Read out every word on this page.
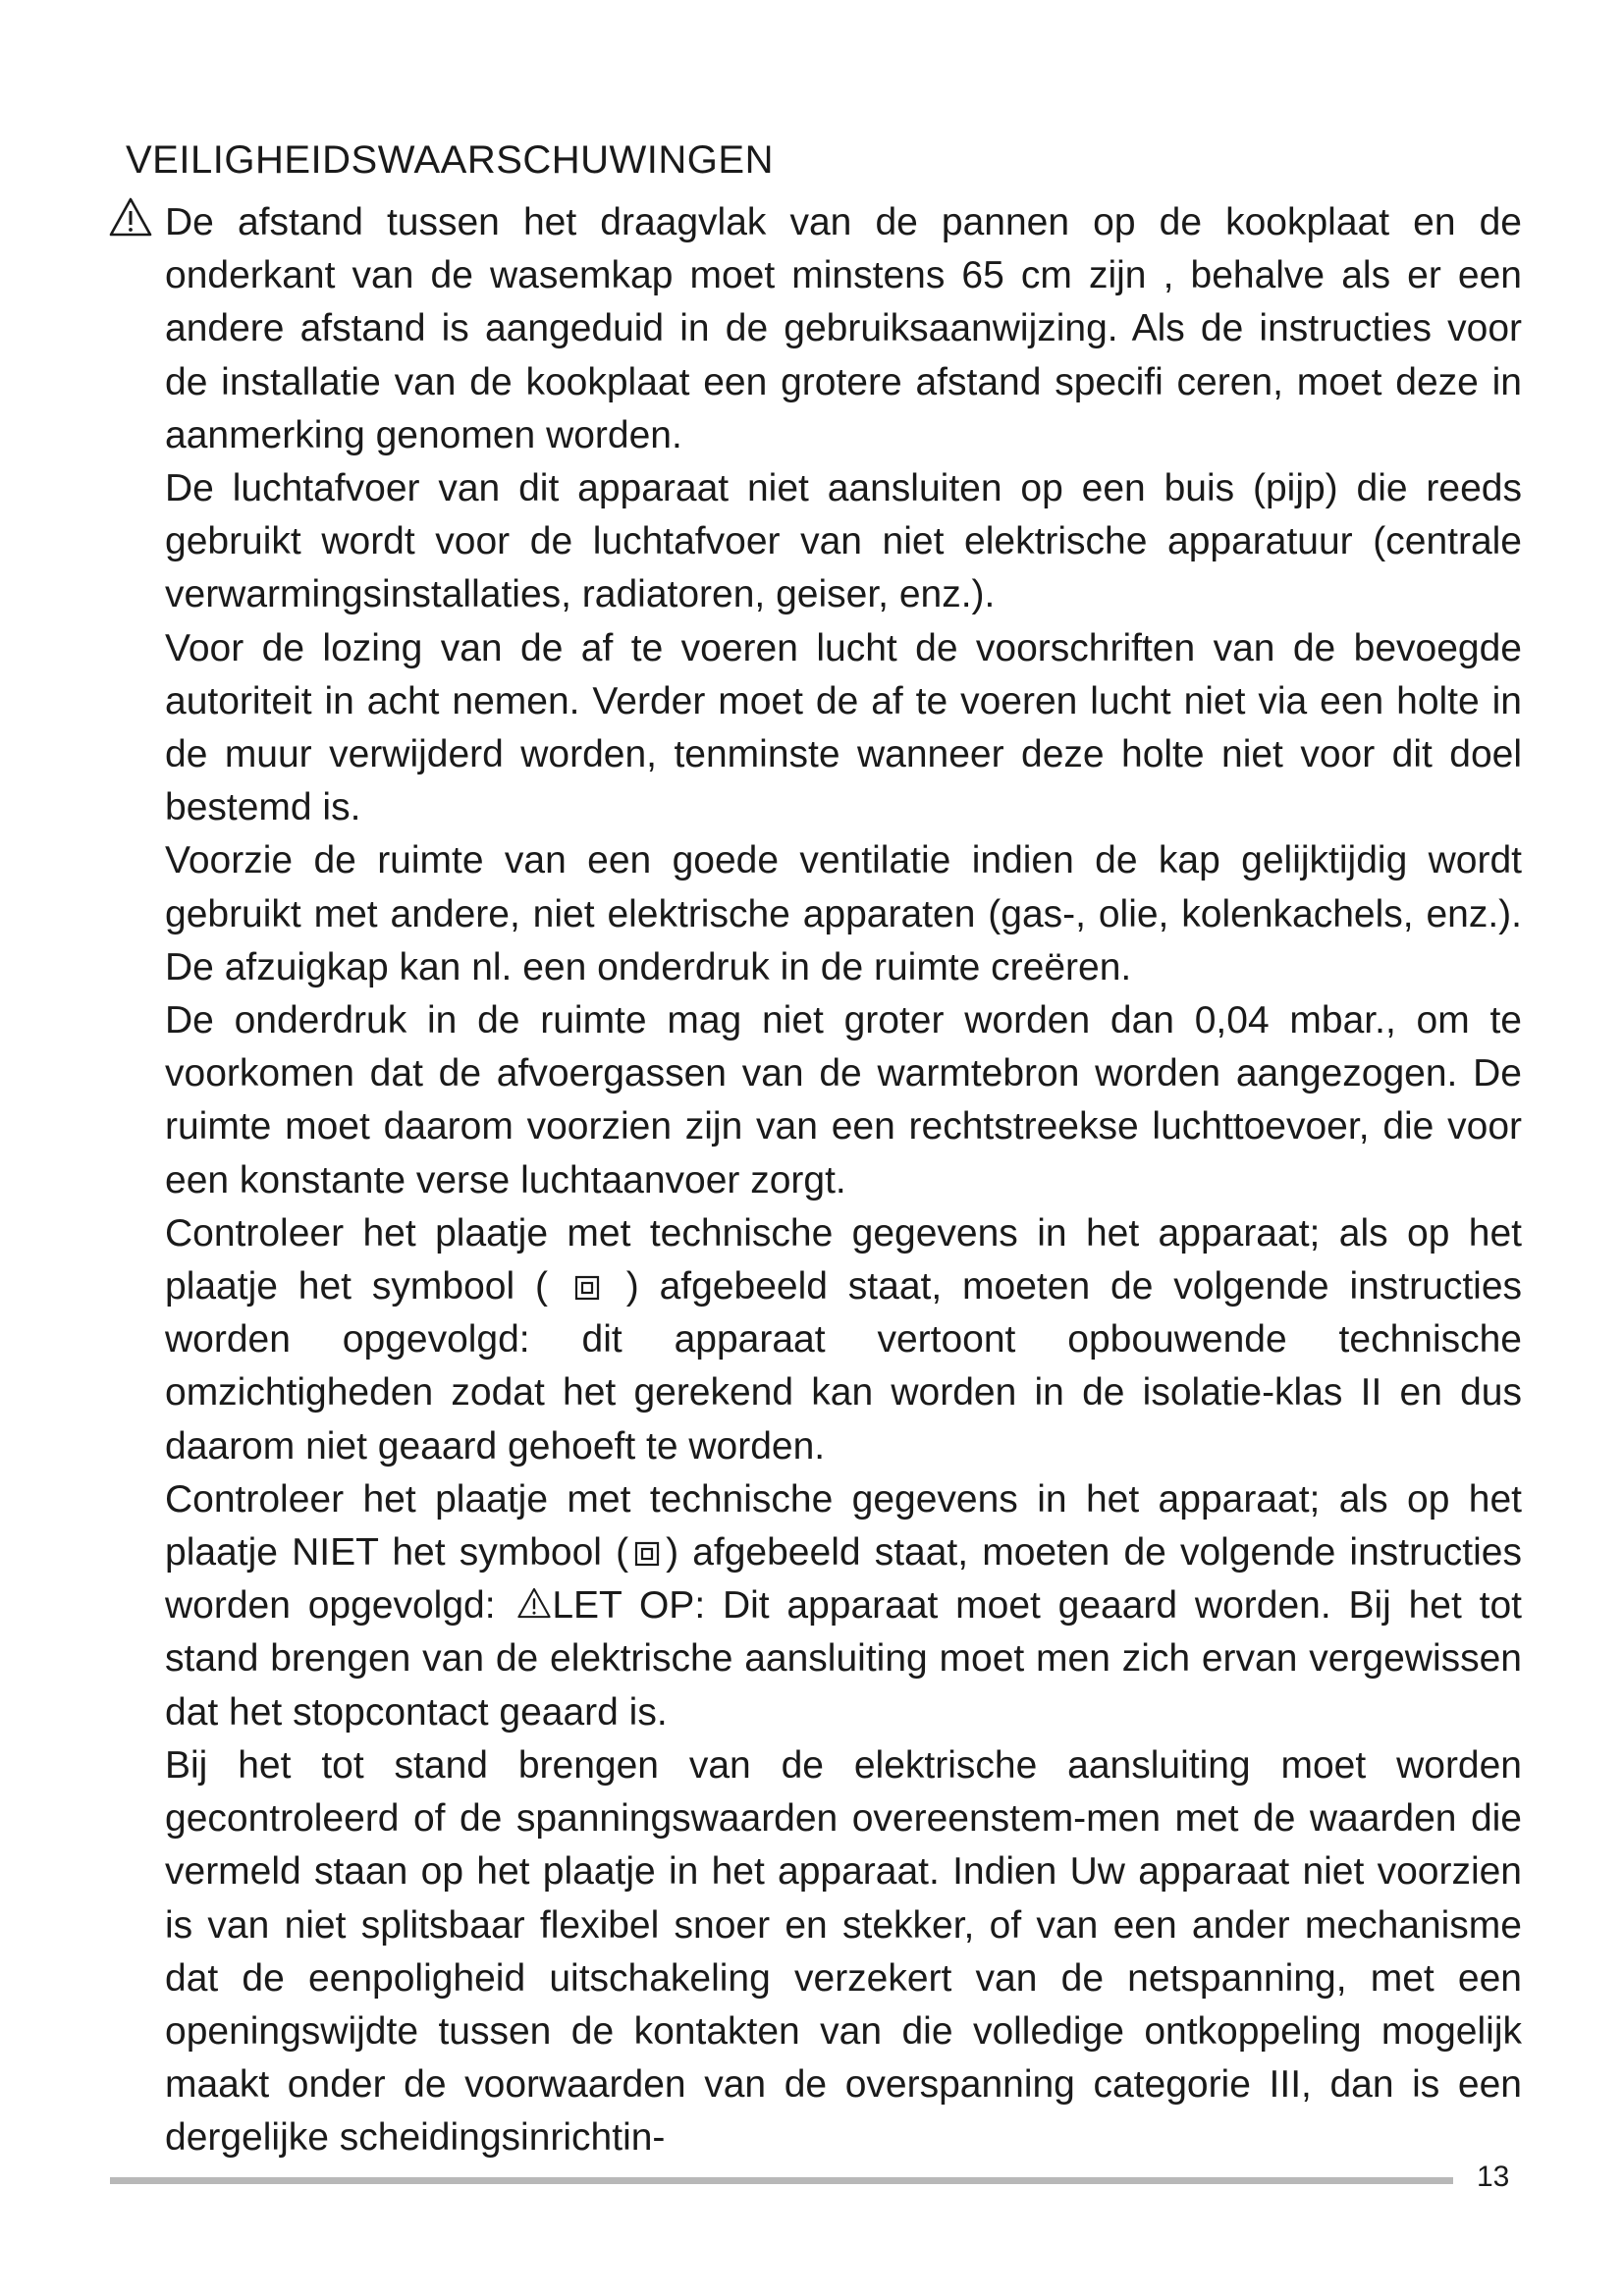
VEILIGHEIDSWAARSCHUWINGEN

De afstand tussen het draagvlak van de pannen op de kookplaat en de onderkant van de wasemkap moet minstens 65 cm zijn , behalve als er een andere afstand is aangeduid in de gebruiksaanwijzing. Als de instructies voor de installatie van de kookplaat een grotere afstand specifi ceren, moet deze in aanmerking genomen worden.

De luchtafvoer van dit apparaat niet aansluiten op een buis (pijp) die reeds gebruikt wordt voor de luchtafvoer van niet elektrische apparatuur (centrale verwarmingsinstallaties, radiatoren, geiser, enz.).

Voor de lozing van de af te voeren lucht de voorschriften van de bevoegde autoriteit in acht nemen. Verder moet de af te voeren lucht niet via een holte in de muur verwijderd worden, tenminste wanneer deze holte niet voor dit doel bestemd is.

Voorzie de ruimte van een goede ventilatie indien de kap gelijktijdig wordt gebruikt met andere, niet elektrische apparaten (gas-, olie, kolenkachels, enz.). De afzuigkap kan nl. een onderdruk in de ruimte creëren.

De onderdruk in de ruimte mag niet groter worden dan 0,04 mbar., om te voorkomen dat de afvoergassen van de warmtebron worden aangezogen. De ruimte moet daarom voorzien zijn van een rechtstreekse luchttoevoer, die voor een konstante verse luchtaanvoer zorgt.

Controleer het plaatje met technische gegevens in het apparaat; als op het plaatje het symbool (
) afgebeeld staat, moeten de volgende instructies worden opgevolgd: dit apparaat vertoont opbouwende technische omzichtigheden zodat het gerekend kan worden in de isolatie-klas II en dus daarom niet geaard gehoeft te worden.

Controleer het plaatje met technische gegevens in het apparaat; als op het plaatje NIET het symbool ( ) afgebeeld staat, moeten de volgende instructies worden opgevolgd:
LET OP: Dit apparaat moet geaard worden. Bij het tot stand brengen van de elektrische aansluiting moet men zich ervan vergewissen dat het stopcontact geaard is.

Bij het tot stand brengen van de elektrische aansluiting moet worden gecontroleerd of de spanningswaarden overeenstem-men met de waarden die vermeld staan op het plaatje in het apparaat. Indien Uw apparaat niet voorzien is van niet splitsbaar flexibel snoer en stekker, of van een ander mechanisme dat de eenpoligheid uitschakeling verzekert van de netspanning, met een openingswijdte tussen de kontakten van die volledige ontkoppeling mogelijk maakt onder de voorwaarden van de overspanning categorie III, dan is een dergelijke scheidingsinrichtin-

13
